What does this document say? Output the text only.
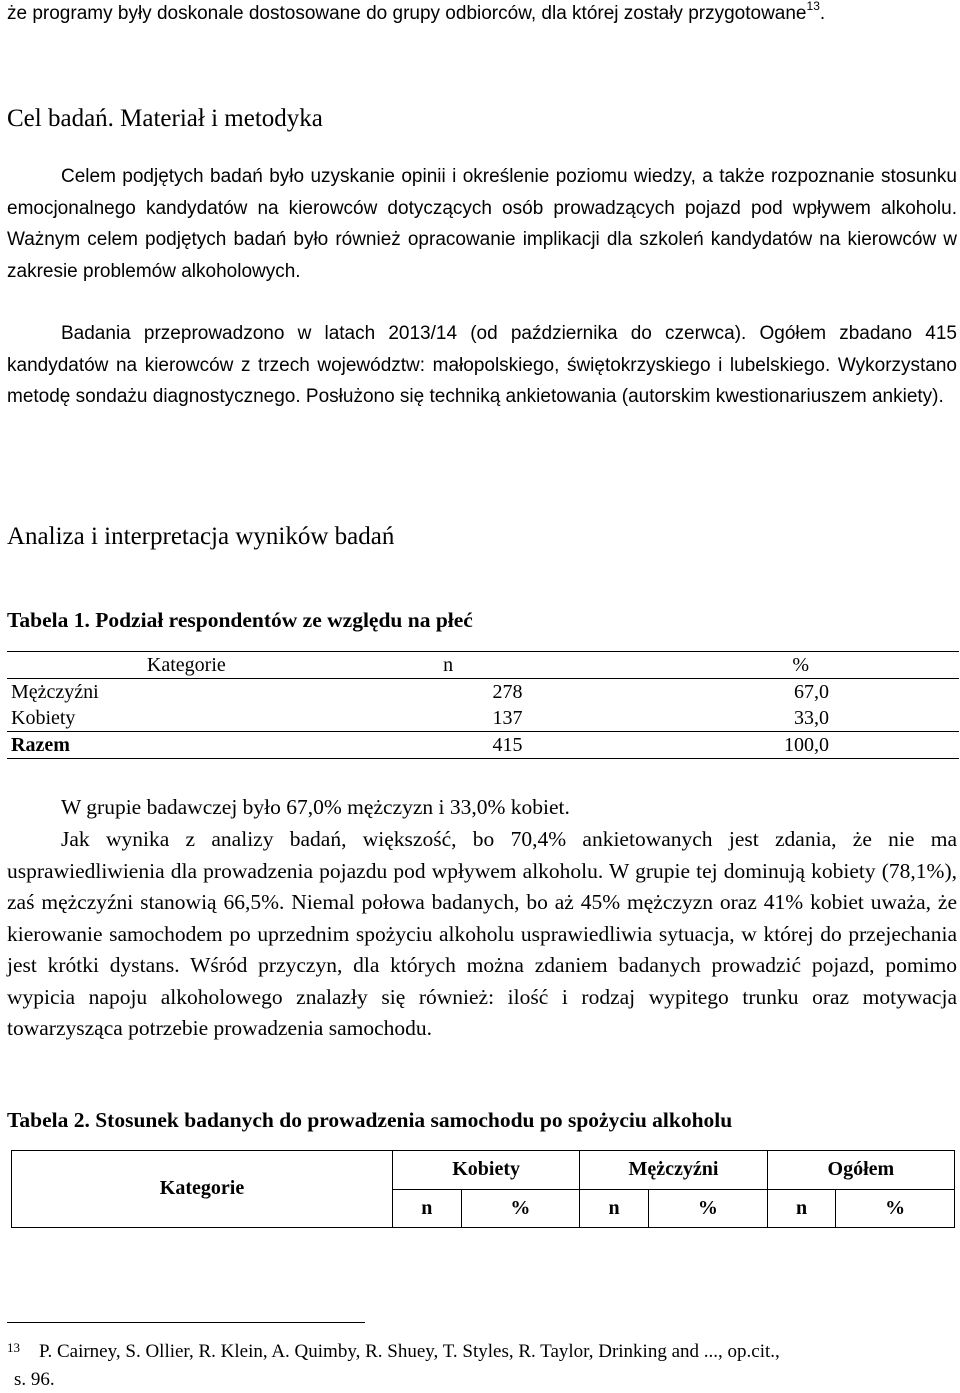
że programy były doskonale dostosowane do grupy odbiorców, dla której zostały przygotowane$^{13}$.

Cel badań. Materiał i metodyka

Celem podjętych badań było uzyskanie opinii i określenie poziomu wiedzy, a także rozpoznanie stosunku emocjonalnego kandydatów na kierowców dotyczących osób prowadzących pojazd pod wpływem alkoholu. Ważnym celem podjętych badań było również opracowanie implikacji dla szkoleń kandydatów na kierowców w zakresie problemów alkoholowych.

Badania przeprowadzono w latach 2013/14 (od października do czerwca). Ogółem zbadano 415 kandydatów na kierowców z trzech województw: małopolskiego, świętokrzyskiego i lubelskiego. Wykorzystano metodę sondażu diagnostycznego. Posłużono się techniką ankietowania (autorskim kwestionariuszem ankiety).

Analiza i interpretacja wyników badań

Tabela 1. Podział respondentów ze względu na płeć

Kategorie	n	%
Mężczyźni	278	67,0
Kobiety	137	33,0
Razem	415	100,0

W grupie badawczej było 67,0% mężczyzn i 33,0% kobiet.

Jak wynika z analizy badań, większość, bo 70,4% ankietowanych jest zdania, że nie ma usprawiedliwienia dla prowadzenia pojazdu pod wpływem alkoholu. W grupie tej dominują kobiety (78,1%), zaś mężczyźni stanowią 66,5%. Niemal połowa badanych, bo aż 45% mężczyzn oraz 41% kobiet uważa, że kierowanie samochodem po uprzednim spożyciu alkoholu usprawiedliwia sytuacja, w której do przejechania jest krótki dystans. Wśród przyczyn, dla których można zdaniem badanych prowadzić pojazd, pomimo wypicia napoju alkoholowego znalazły się również: ilość i rodzaj wypitego trunku oraz motywacja towarzysząca potrzebie prowadzenia samochodu.

Tabela 2. Stosunek badanych do prowadzenia samochodu po spożyciu alkoholu

Kategorie	Kobiety		Mężczyźni		Ogółem	
	n	%	n	%	n	%
13 P. Cairney, S. Ollier, R. Klein, A. Quimby, R. Shuey, T. Styles, R. Taylor, Drinking and ..., op.cit.,
s. 96.
